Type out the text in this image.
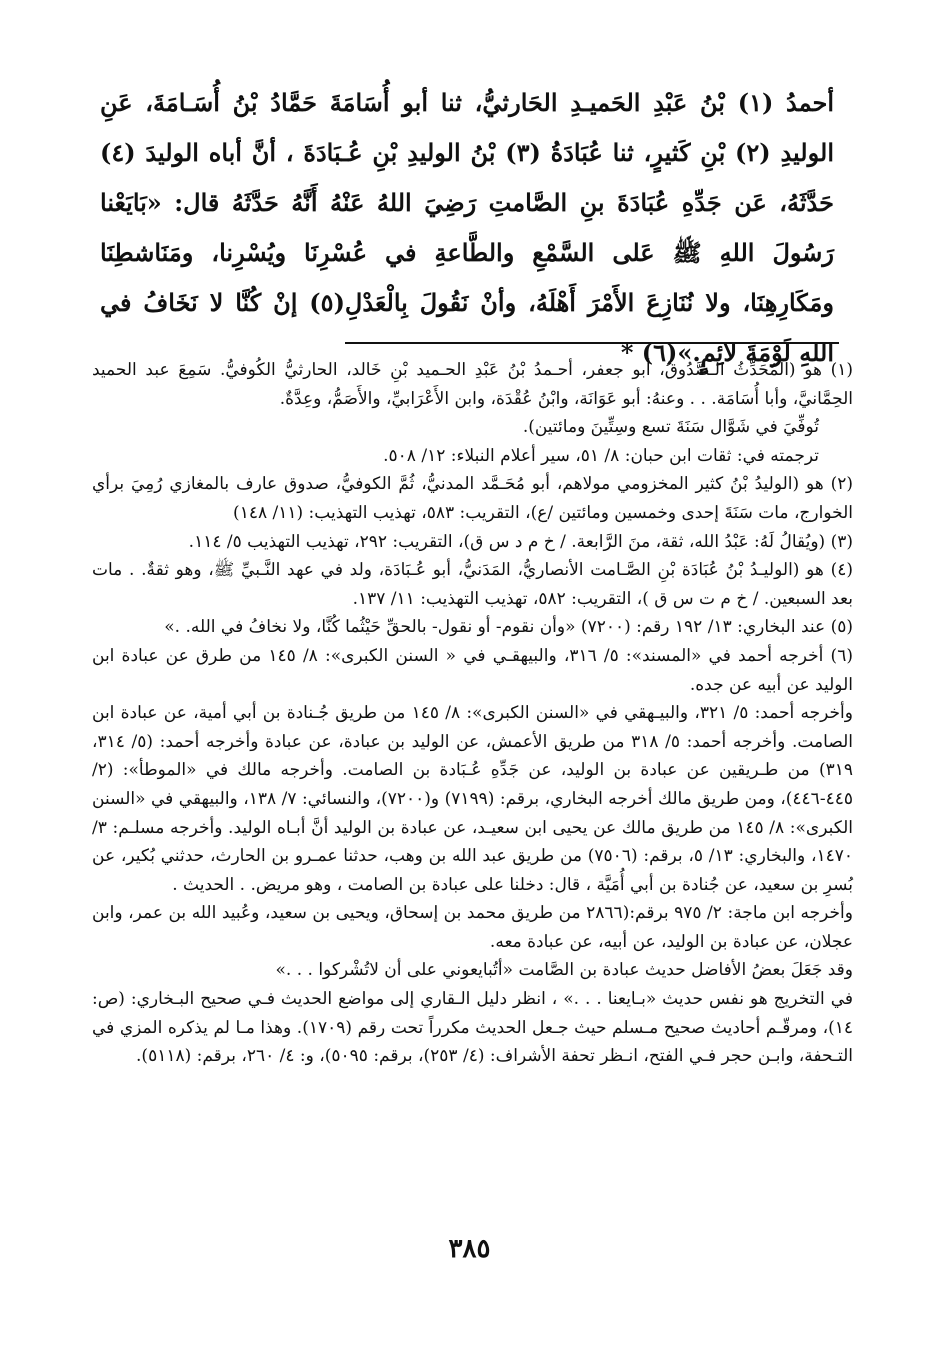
أحمدُ (١) بْنُ عَبْدِ الحَميـدِ الحَارثيُّ، ثنا أبو أُسَامَةَ حَمَّادُ بْنُ أُسَـامَةَ، عَنِ الوليدِ (٢) بْنِ كَثيرٍ، ثنا عُبَادَةُ (٣) بْنُ الوليدِ بْنِ عُـبَادَةَ ، أنَّ أباه الوليدَ (٤) حَدَّثَهُ، عَن جَدِّهِ عُبَادَةَ بنِ الصَّامتِ رَضِيَ اللهُ عَنْهُ أَنَّهُ حَدَّثَهُ قال: «بَايَعْنا رَسُولَ اللهِ ﷺ عَلى السَّمْعِ والطَّاعةِ في عُسْرِنَا ويُسْرِنا، ومَنَاشطِنَا ومَكَارِهِنَا، ولا نُنَازِعَ الأَمْرَ أَهْلَهُ، وأنْ نَقُولَ بِالْعَدْلِ(٥) إنْ كُنَّا لا نَخَافُ في اللهِ لَوْمَةَ لائِمٍ.»(٦) *

(١) هو (المُحَدِّثُ الـصَّدُوقُ، أبو جعفر، أحـمدُ بْنُ عَبْدِ الحـميد بْنِ خَالد، الحارثيُّ الكُوفيُّ. سَمِعَ عبد الحميد الحِمَّانيَّ، وأبا أُسَامَة. . . وعنهُ: أبو عَوَانَة، وابْنُ عُقْدَة، وابن الأَعْرَابيِّ، والأَصَمُّ، وعِدَّةٌ.

تُوفِّيَ في شَوَّال سَنَةَ تسع وسِتِّينَ ومائتين).

ترجمته في: ثقات ابن حبان: ٨/ ٥١، سير أعلام النبلاء: ١٢/ ٥٠٨.

(٢) هو (الوليدُ بْنُ كثير المخزومي مولاهم، أبو مُحَـمَّد المدنيُّ، ثُمَّ الكوفيُّ، صدوق عارف بالمغازي رُمِيَ برأي الخوارج، مات سَنَةَ إحدى وخمسين ومائتين /ع)، التقريب: ٥٨٣، تهذيب التهذيب: (١١/ ١٤٨)

(٣) (ويُقالُ لَهُ: عَبْدُ الله، ثقة، منَ الرَّابعة. / خ م د س ق)، التقريب: ٢٩٢، تهذيب التهذيب ٥/ ١١٤.

(٤) هو (الوليـدُ بْنُ عُبَادَة بْنِ الصَّـامت الأنصاريُّ، المَدَنيُّ، أبو عُـبَادَة، ولد في عهد النَّـبيِّ ﷺ، وهو ثقةٌ. . مات بعد السبعين. / خ م ت س ق )، التقريب: ٥٨٢، تهذيب التهذيب: ١١/ ١٣٧.

(٥) عند البخاري: ١٣/ ١٩٢ رقم: (٧٢٠٠) «وأن نقوم- أو نقول- بالحقِّ حَيْثُما كُنَّا، ولا نخافُ في الله. .»

(٦) أخرجه أحمد في «المسند»: ٥/ ٣١٦، والبيهقـي في « السنن الكبرى»: ٨/ ١٤٥ من طرق عن عبادة ابن الوليد عن أبيه عن جده.

وأخرجه أحمد: ٥/ ٣٢١، والبيـهقي في «السنن الكبرى»: ٨/ ١٤٥ من طريق جُـنادة بن أبي أمية، عن عبادة ابن الصامت. وأخرجه أحمد: ٥/ ٣١٨ من طريق الأعمش، عن الوليد بن عبادة، عن عبادة وأخرجه أحمد: (٥/ ٣١٤، ٣١٩) من طـريقين عن عبادة بن الوليد، عن جَدِّهِ عُـبَادة بن الصامت. وأخرجه مالك في «الموطأ»: (٢/ ٤٤٥-٤٤٦)، ومن طريق مالك أخرجه البخاري، برقم: (٧١٩٩) و(٧٢٠٠)، والنسائي: ٧/ ١٣٨، والبيهقي في «السنن الكبرى»: ٨/ ١٤٥ من طريق مالك عن يحيى ابن سعيـد، عن عبادة بن الوليد أنَّ أبـاه الوليد. وأخرجه مسلـم: ٣/ ١٤٧٠، والبخاري: ١٣/ ٥، برقم: (٧٥٠٦) من طريق عبد الله بن وهب، حدثنا عمـرو بن الحارث، حدثني بُكير، عن بُسرِ بن سعيد، عن جُنادة بن أبي أُمَيَّة ، قال: دخلنا على عبادة بن الصامت ، وهو مريض. . الحديث .

وأخرجه ابن ماجة: ٢/ ٩٧٥ برقم:(٢٨٦٦ من طريق محمد بن إسحاق، ويحيى بن سعيد، وعُبيد الله بن عمر، وابن عجلان، عن عبادة بن الوليد، عن أبيه، عن عبادة معه.

وقد جَعَلَ بعضُ الأفاضل حديث عبادة بن الصَّامت «أتُبايعوني على أن لاتُشْركوا . . .»

في التخريج هو نفس حديث «بـايعنا . . .» ، انظر دليل الـقاري إلى مواضع الحديث فـي صحيح البـخاري: (ص: ١٤)، ومرقّـم أحاديث صحيح مـسلم حيث جـعل الحديث مكرراً تحت رقم (١٧٠٩). وهذا مـا لم يذكره المزي في التـحفة، وابـن حجر فـي الفتح، انـظر تحفة الأشراف: (٤/ ٢٥٣)، برقم: ٥٠٩٥)، و: ٤/ ٢٦٠، برقم: (٥١١٨).

٣٨٥
